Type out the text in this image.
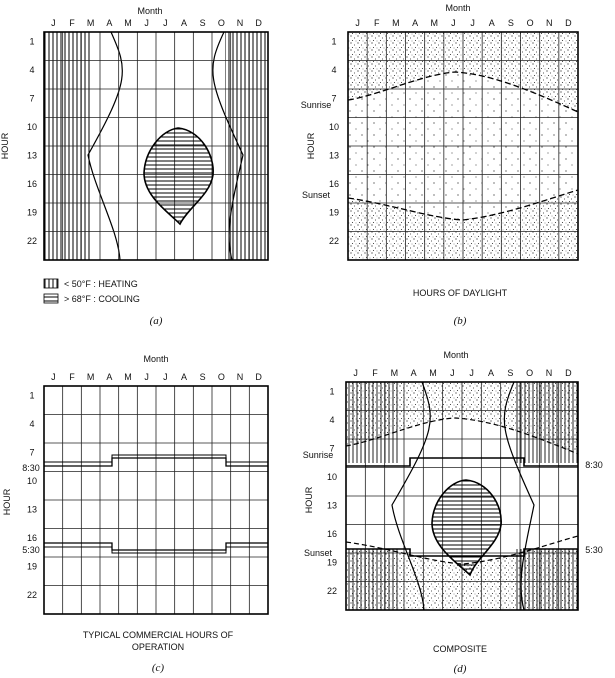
Month
J F M A M J J A S O N D
1
4
7
10
13
16
19
22
HOUR
< 50°F : HEATING
> 68°F : COOLING
(a)
Month
J F M A M J J A S O N D
1
4
7
10
13
16
19
22
Sunrise
Sunset
HOUR
HOURS OF DAYLIGHT
(b)
Month
J F M A M J J A S O N D
1
4
7
10
13
16
19
22
8:30
5:30
HOUR
TYPICAL COMMERCIAL HOURS OF
OPERATION
(c)
Month
J F M A M J J A S O N D
1
4
7
10
13
16
19
22
Sunrise
Sunset
8:30
5:30
HOUR
COMPOSITE
(d)
